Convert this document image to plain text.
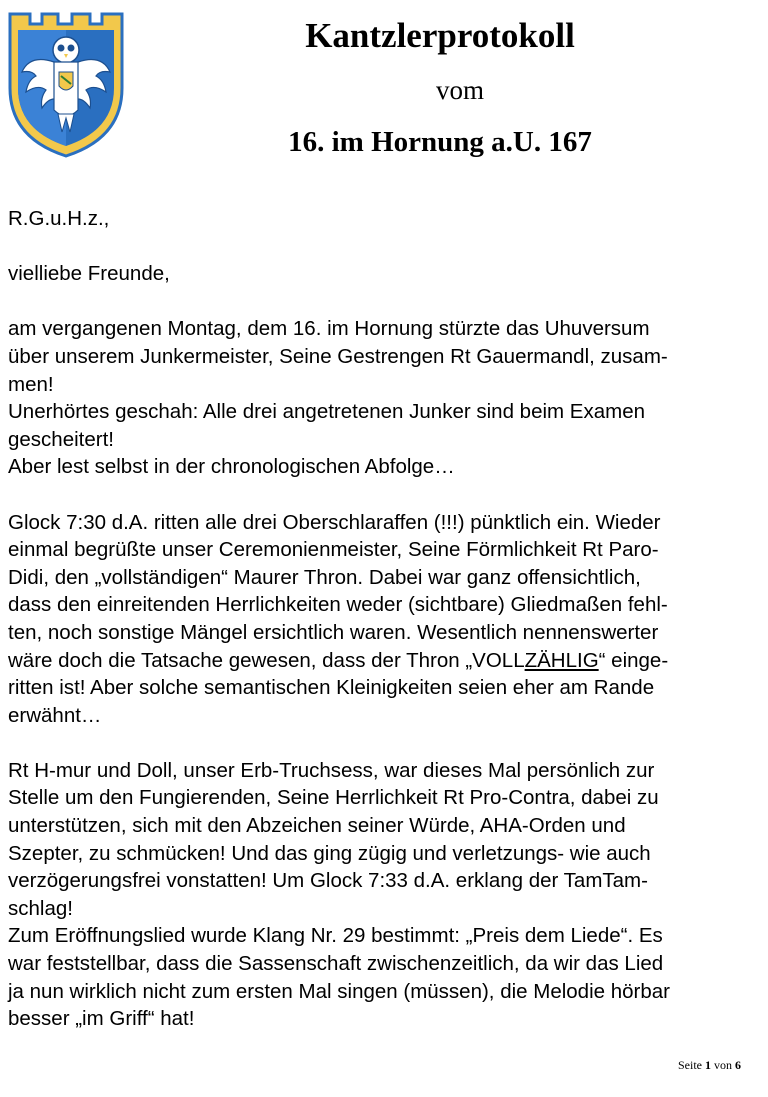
Kantzlerprotokoll
vom
16. im Hornung a.U. 167

R.G.u.H.z.,

vielliebe Freunde,

am vergangenen Montag, dem 16. im Hornung stürzte das Uhuversum

über unserem Junkermeister, Seine Gestrengen Rt Gauermandl, zusam-

men!

Unerhörtes geschah: Alle drei angetretenen Junker sind beim Examen

gescheitert!

Aber lest selbst in der chronologischen Abfolge…

Glock 7:30 d.A. ritten alle drei Oberschlaraffen (!!!) pünktlich ein. Wieder

einmal begrüßte unser Ceremonienmeister, Seine Förmlichkeit Rt Paro-

Didi, den „vollständigen“ Maurer Thron. Dabei war ganz offensichtlich,

dass den einreitenden Herrlichkeiten weder (sichtbare) Gliedmaßen fehl-

ten, noch sonstige Mängel ersichtlich waren. Wesentlich nennenswerter

wäre doch die Tatsache gewesen, dass der Thron „VOLLZÄHLIG“ einge-

ritten ist! Aber solche semantischen Kleinigkeiten seien eher am Rande

erwähnt…

Rt H-mur und Doll, unser Erb-Truchsess, war dieses Mal persönlich zur

Stelle um den Fungierenden, Seine Herrlichkeit Rt Pro-Contra, dabei zu

unterstützen, sich mit den Abzeichen seiner Würde, AHA-Orden und

Szepter, zu schmücken! Und das ging zügig und verletzungs- wie auch

verzögerungsfrei vonstatten! Um Glock 7:33 d.A. erklang der TamTam-

schlag!

Zum Eröffnungslied wurde Klang Nr. 29 bestimmt: „Preis dem Liede“. Es

war feststellbar, dass die Sassenschaft zwischenzeitlich, da wir das Lied

ja nun wirklich nicht zum ersten Mal singen (müssen), die Melodie hörbar

besser „im Griff“ hat!

Seite 1 von 6
